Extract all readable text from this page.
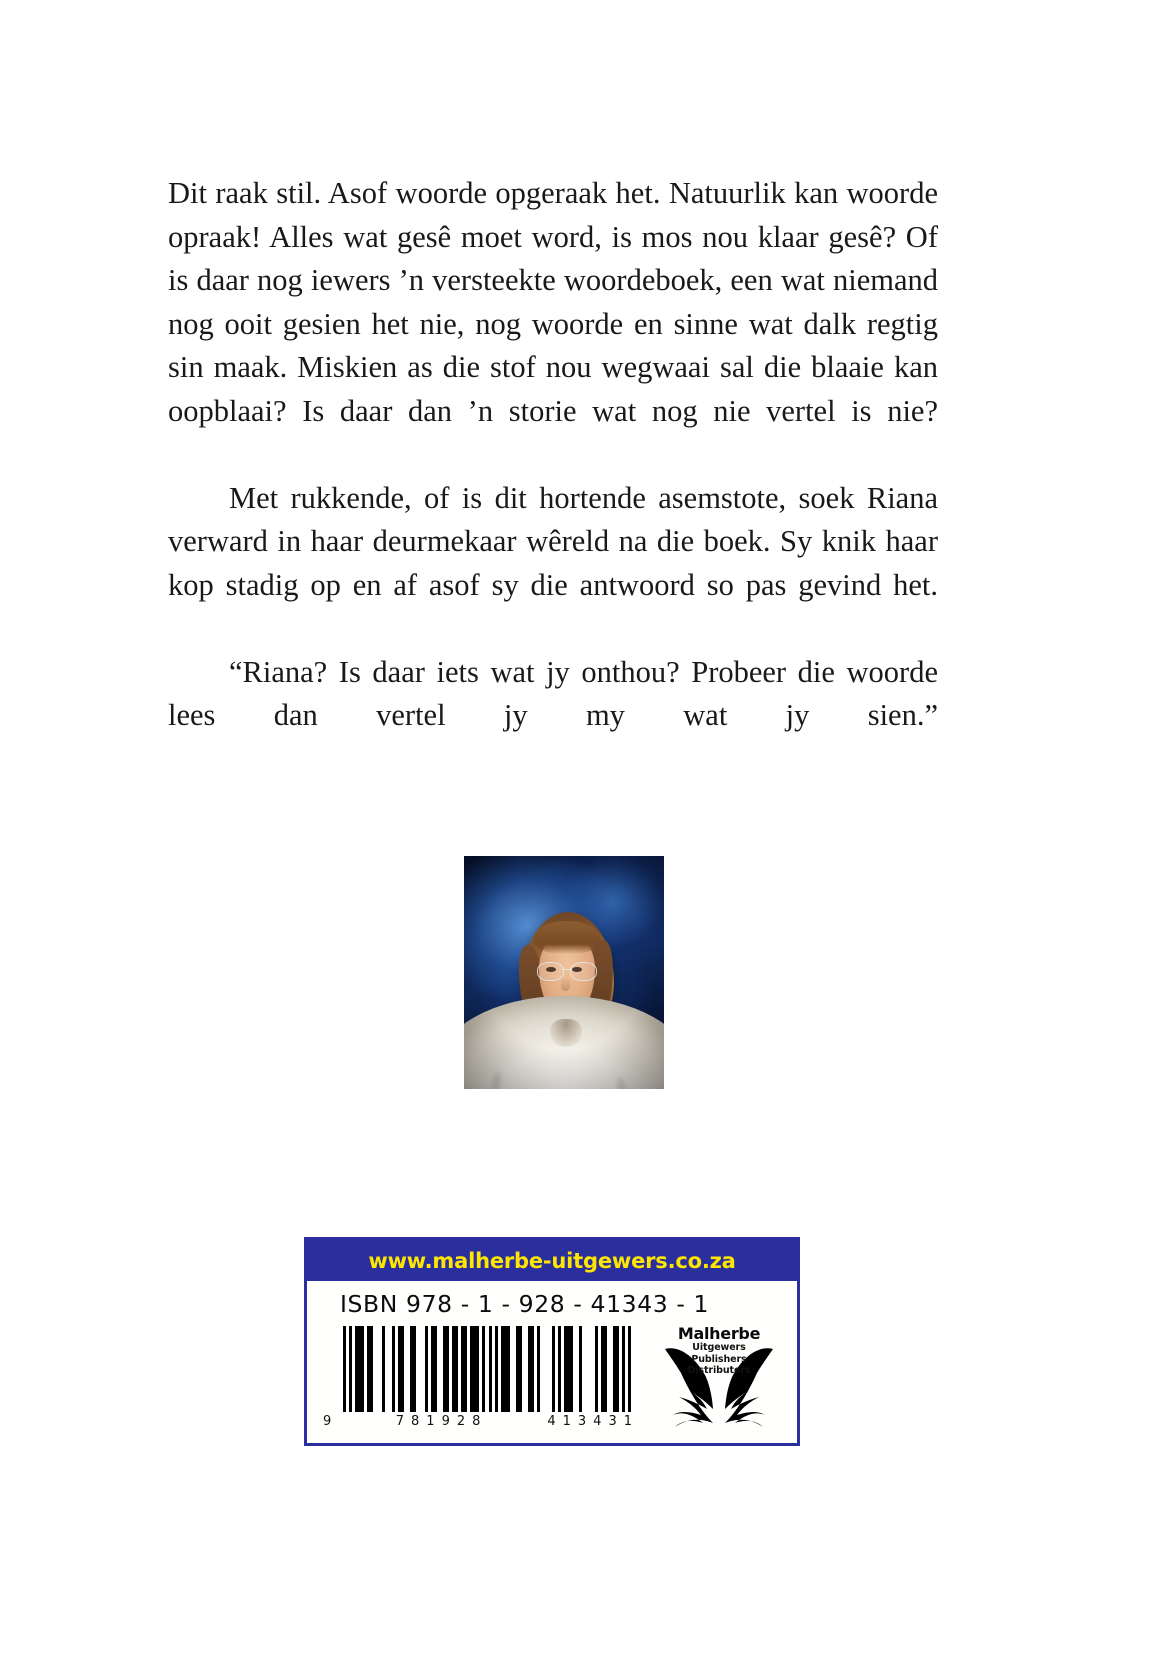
Dit raak stil. Asof woorde opgeraak het. Natuurlik kan woorde opraak! Alles wat gesê moet word, is mos nou klaar gesê? Of is daar nog iewers ’n versteekte woordeboek, een wat niemand nog ooit gesien het nie, nog woorde en sinne wat dalk regtig sin maak. Miskien as die stof nou wegwaai sal die blaaie kan oopblaai? Is daar dan ’n storie wat nog nie vertel is nie?

Met rukkende, of is dit hortende asemstote, soek Riana verward in haar deurmekaar wêreld na die boek. Sy knik haar kop stadig op en af asof sy die antwoord so pas gevind het.

“Riana? Is daar iets wat jy onthou? Probeer die woorde lees dan vertel jy my wat jy sien.”

www.malherbe-uitgewers.co.za
ISBN 978 - 1 - 928 - 41343 - 1
9	781928	413431
Malherbe
Uitgewers
Publishers
Distributors
